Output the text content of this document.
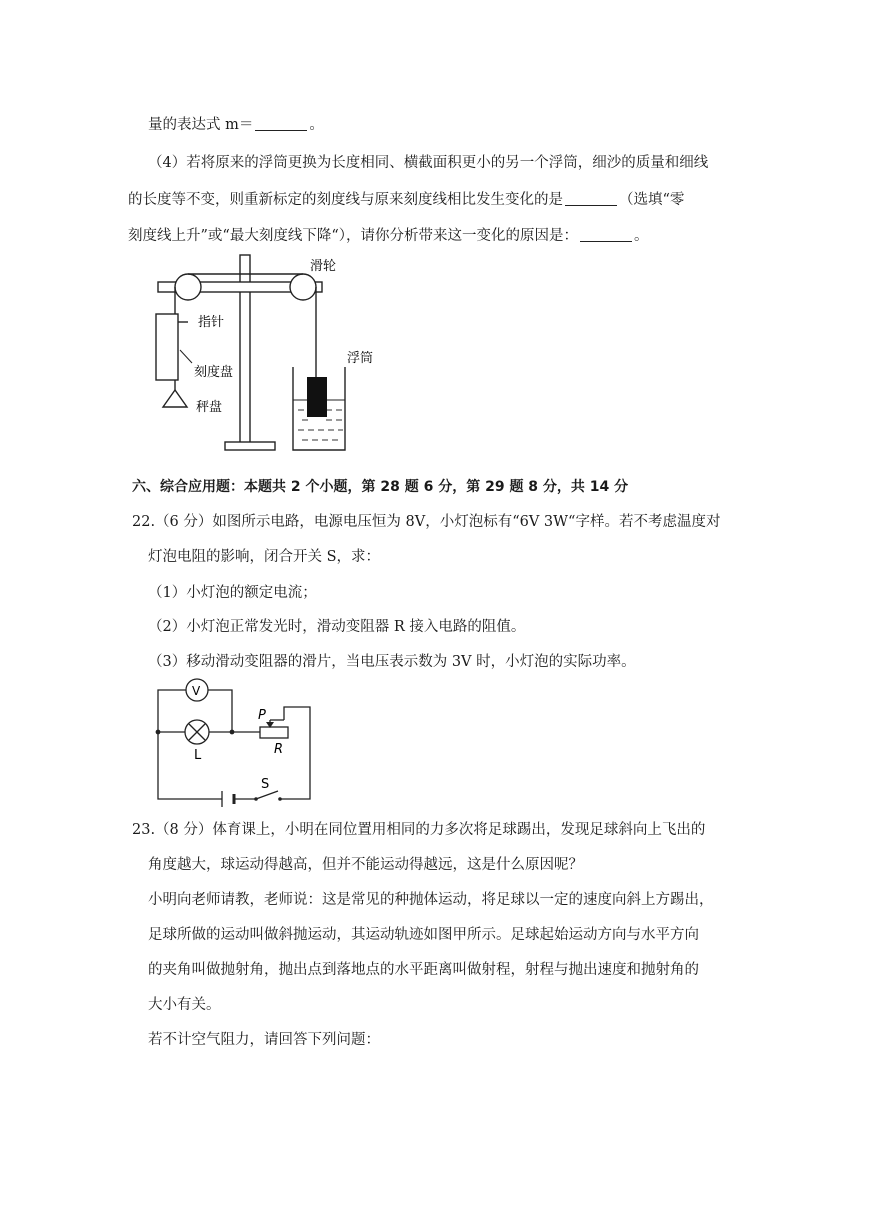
量的表达式 m＝	。
（4）若将原来的浮筒更换为长度相同、横截面积更小的另一个浮筒，细沙的质量和细线
的长度等不变，则重新标定的刻度线与原来刻度线相比发生变化的是	（选填“零
刻度线上升”或“最大刻度线下降“），请你分析带来这一变化的原因是：	。
滑轮
指针
刻度盘
秤盘
浮筒
六、综合应用题：本题共 2 个小题，第 28 题 6 分，第 29 题 8 分，共 14 分
22.（6 分）如图所示电路，电源电压恒为 8V，小灯泡标有“6V 3W“字样。若不考虑温度对
灯泡电阻的影响，闭合开关 S，求：
（1）小灯泡的额定电流；
（2）小灯泡正常发光时，滑动变阻器 R 接入电路的阻值。
（3）移动滑动变阻器的滑片，当电压表示数为 3V 时，小灯泡的实际功率。
V
L
P
R
S
23.（8 分）体育课上，小明在同位置用相同的力多次将足球踢出，发现足球斜向上飞出的
角度越大，球运动得越高，但并不能运动得越远，这是什么原因呢？
小明向老师请教，老师说：这是常见的种抛体运动，将足球以一定的速度向斜上方踢出，
足球所做的运动叫做斜抛运动，其运动轨迹如图甲所示。足球起始运动方向与水平方向
的夹角叫做抛射角，抛出点到落地点的水平距离叫做射程，射程与抛出速度和抛射角的
大小有关。
若不计空气阻力，请回答下列问题：
